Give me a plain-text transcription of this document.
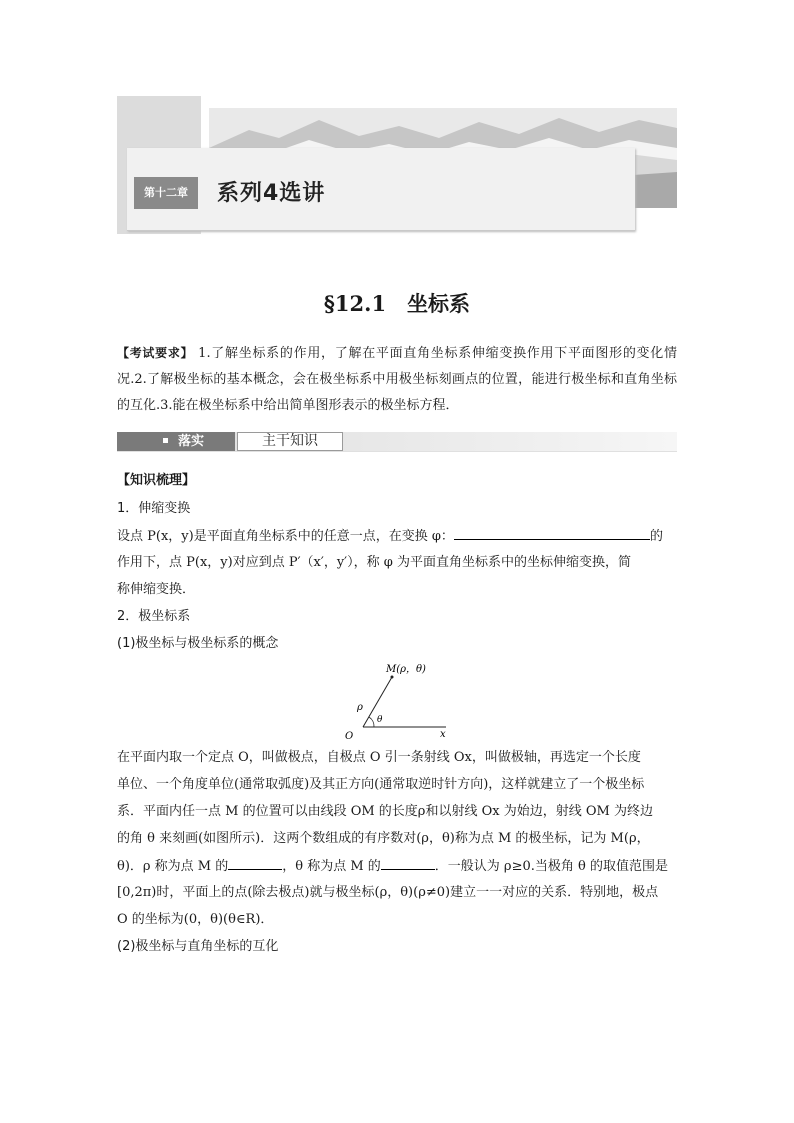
第十二章	系列4选讲
§12.1　坐标系
【考试要求】 1.了解坐标系的作用，了解在平面直角坐标系伸缩变换作用下平面图形的变化情况.2.了解极坐标的基本概念，会在极坐标系中用极坐标刻画点的位置，能进行极坐标和直角坐标的互化.3.能在极坐标系中给出简单图形表示的极坐标方程．
落实	主干知识
【知识梳理】
1．伸缩变换
设点 P(x，y)是平面直角坐标系中的任意一点，在变换 φ：	的
作用下，点 P(x，y)对应到点 P′（x′，y′），称 φ 为平面直角坐标系中的坐标伸缩变换，简
称伸缩变换．
2．极坐标系
(1)极坐标与极坐标系的概念
M(ρ，θ)
ρ
θ
O	x
在平面内取一个定点 O，叫做极点，自极点 O 引一条射线 Ox，叫做极轴，再选定一个长度
单位、一个角度单位(通常取弧度)及其正方向(通常取逆时针方向)，这样就建立了一个极坐标
系．平面内任一点 M 的位置可以由线段 OM 的长度ρ和以射线 Ox 为始边，射线 OM 为终边
的角 θ 来刻画(如图所示)．这两个数组成的有序数对(ρ，θ)称为点 M 的极坐标，记为 M(ρ，
θ)．ρ 称为点 M 的	，θ 称为点 M 的	．一般认为 ρ≥0.当极角 θ 的取值范围是
[0,2π)时，平面上的点(除去极点)就与极坐标(ρ，θ)(ρ≠0)建立一一对应的关系．特别地，极点
O 的坐标为(0，θ)(θ∈R)．
(2)极坐标与直角坐标的互化
